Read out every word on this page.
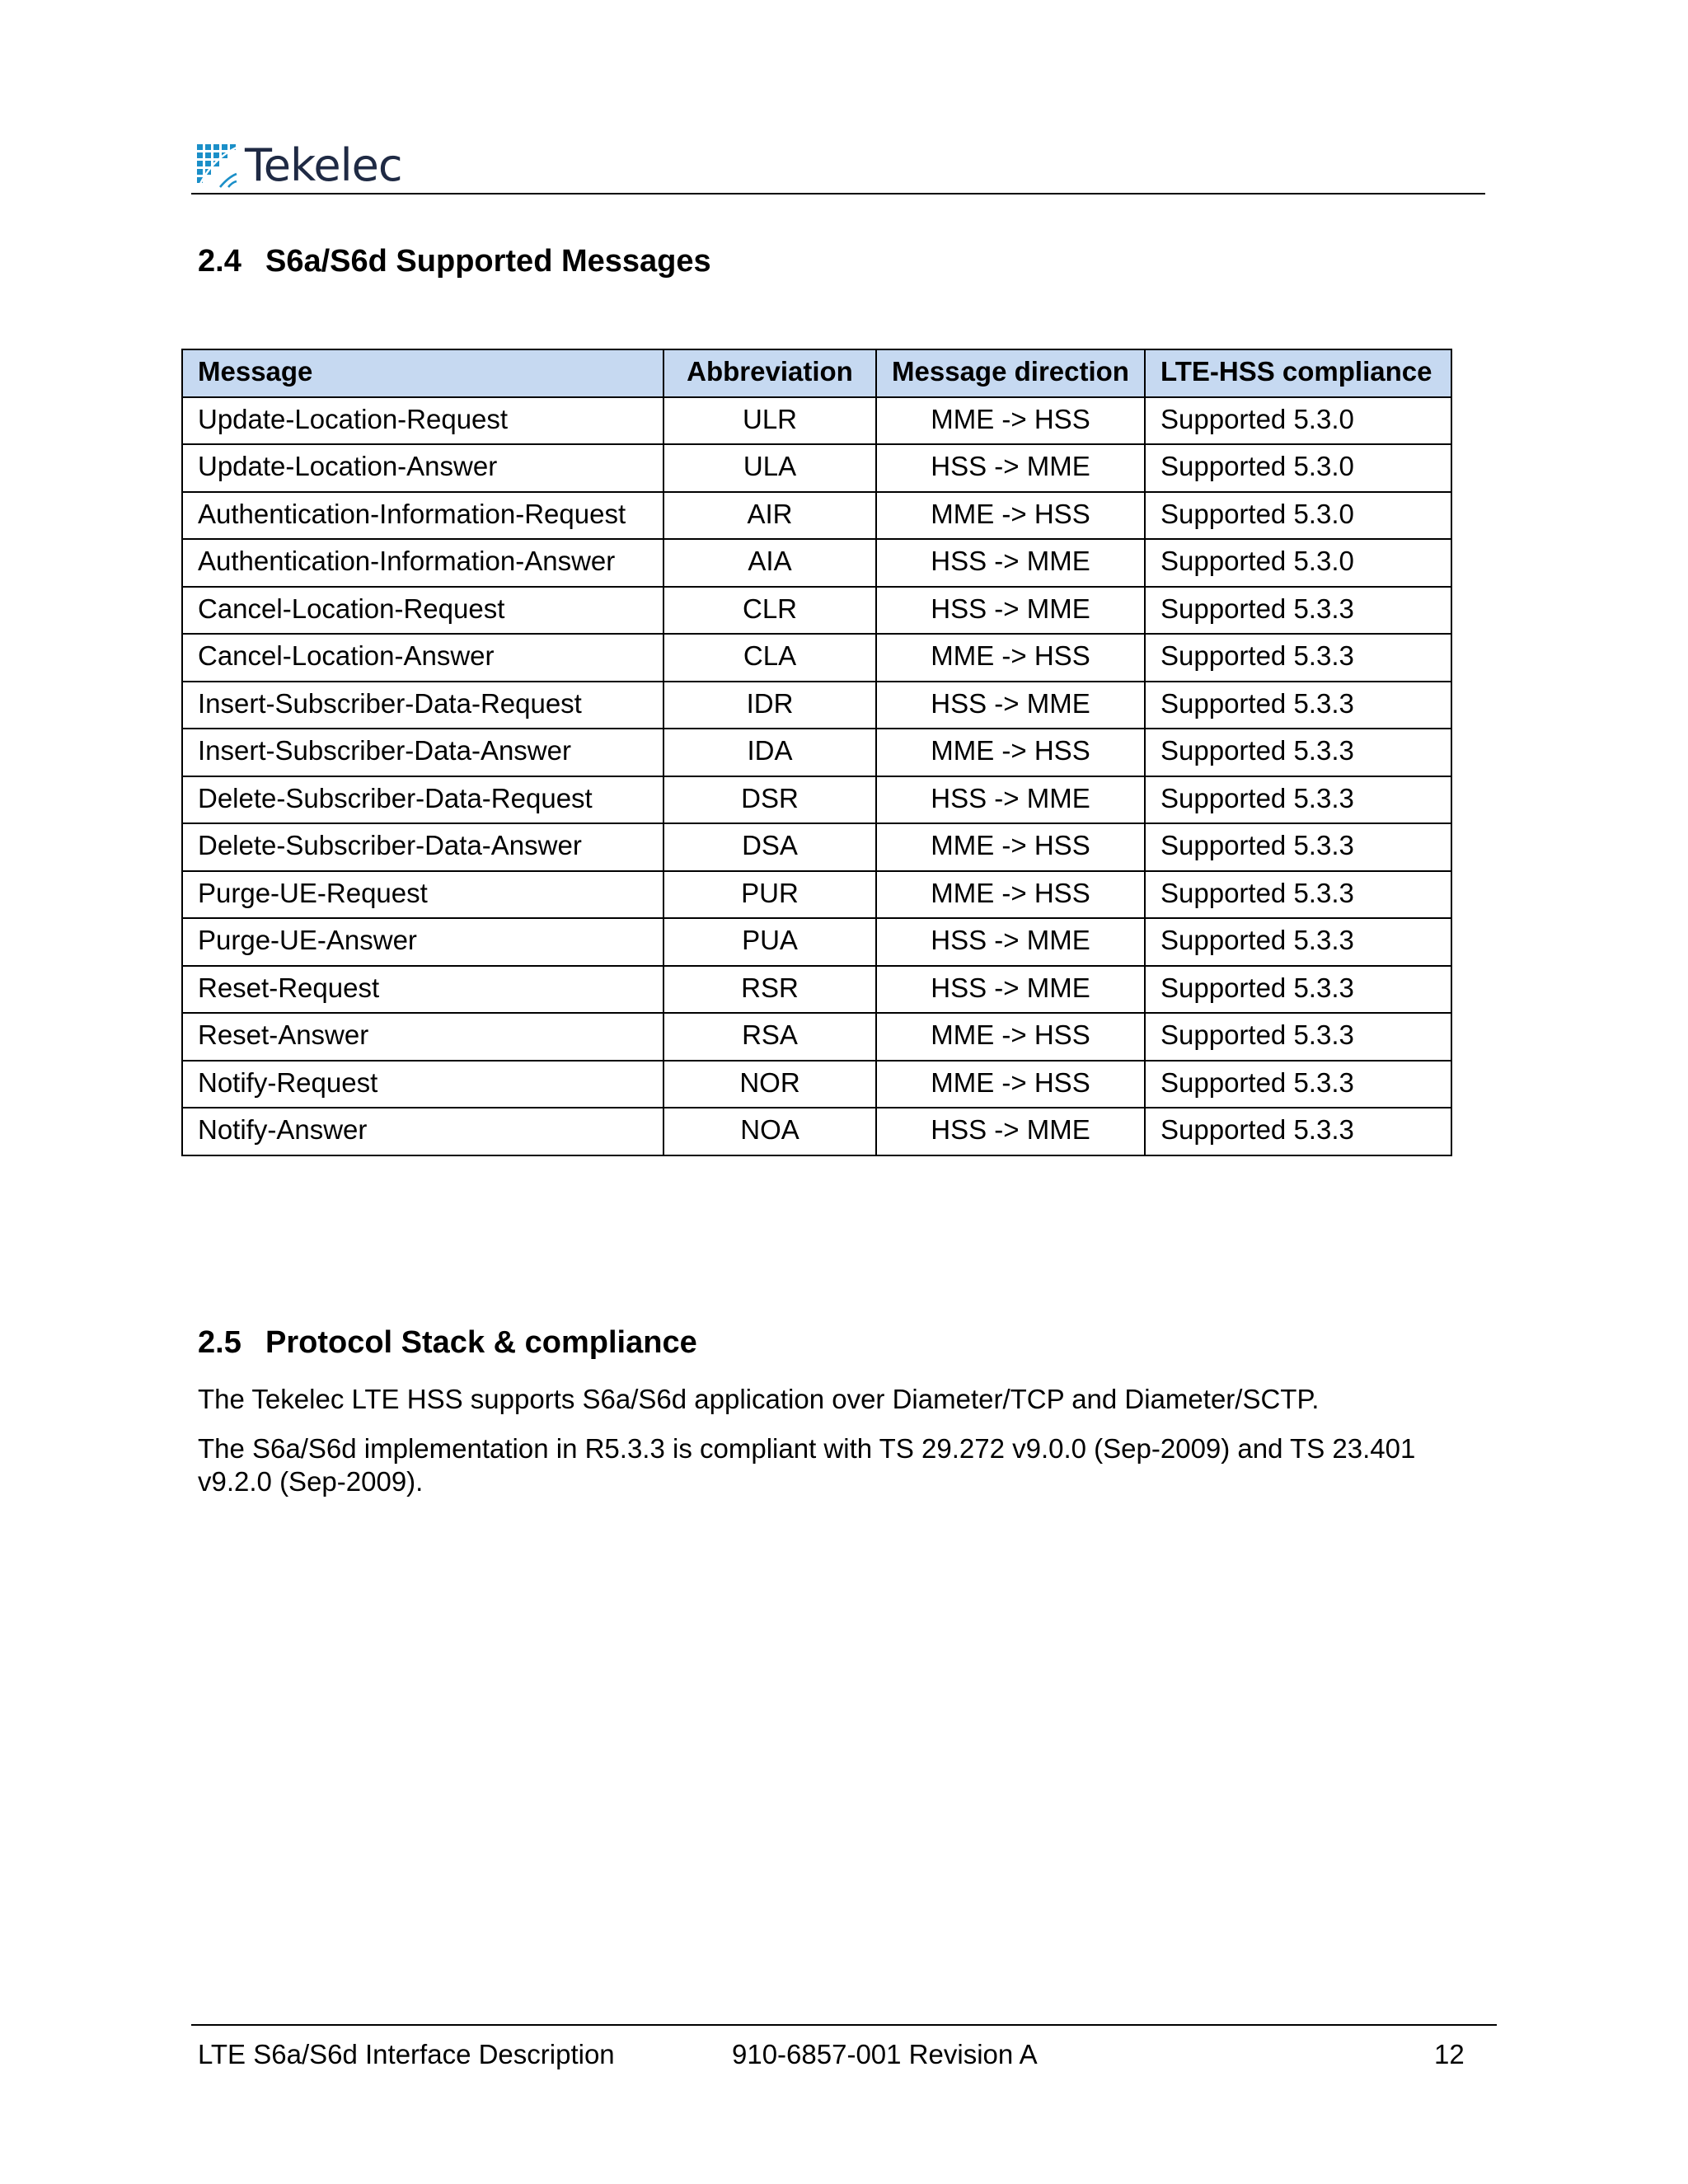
Tekelec
2.4 S6a/S6d Supported Messages
Message	Abbreviation	Message direction	LTE-HSS compliance
Update-Location-Request	ULR	MME -> HSS	Supported 5.3.0
Update-Location-Answer	ULA	HSS -> MME	Supported 5.3.0
Authentication-Information-Request	AIR	MME -> HSS	Supported 5.3.0
Authentication-Information-Answer	AIA	HSS -> MME	Supported 5.3.0
Cancel-Location-Request	CLR	HSS -> MME	Supported 5.3.3
Cancel-Location-Answer	CLA	MME -> HSS	Supported 5.3.3
Insert-Subscriber-Data-Request	IDR	HSS -> MME	Supported 5.3.3
Insert-Subscriber-Data-Answer	IDA	MME -> HSS	Supported 5.3.3
Delete-Subscriber-Data-Request	DSR	HSS -> MME	Supported 5.3.3
Delete-Subscriber-Data-Answer	DSA	MME -> HSS	Supported 5.3.3
Purge-UE-Request	PUR	MME -> HSS	Supported 5.3.3
Purge-UE-Answer	PUA	HSS -> MME	Supported 5.3.3
Reset-Request	RSR	HSS -> MME	Supported 5.3.3
Reset-Answer	RSA	MME -> HSS	Supported 5.3.3
Notify-Request	NOR	MME -> HSS	Supported 5.3.3
Notify-Answer	NOA	HSS -> MME	Supported 5.3.3
2.5 Protocol Stack & compliance
The Tekelec LTE HSS supports S6a/S6d application over Diameter/TCP and Diameter/SCTP.
The S6a/S6d implementation in R5.3.3 is compliant with TS 29.272 v9.0.0 (Sep-2009) and TS 23.401 v9.2.0 (Sep-2009).
LTE S6a/S6d Interface Description	910-6857-001 Revision A	12
